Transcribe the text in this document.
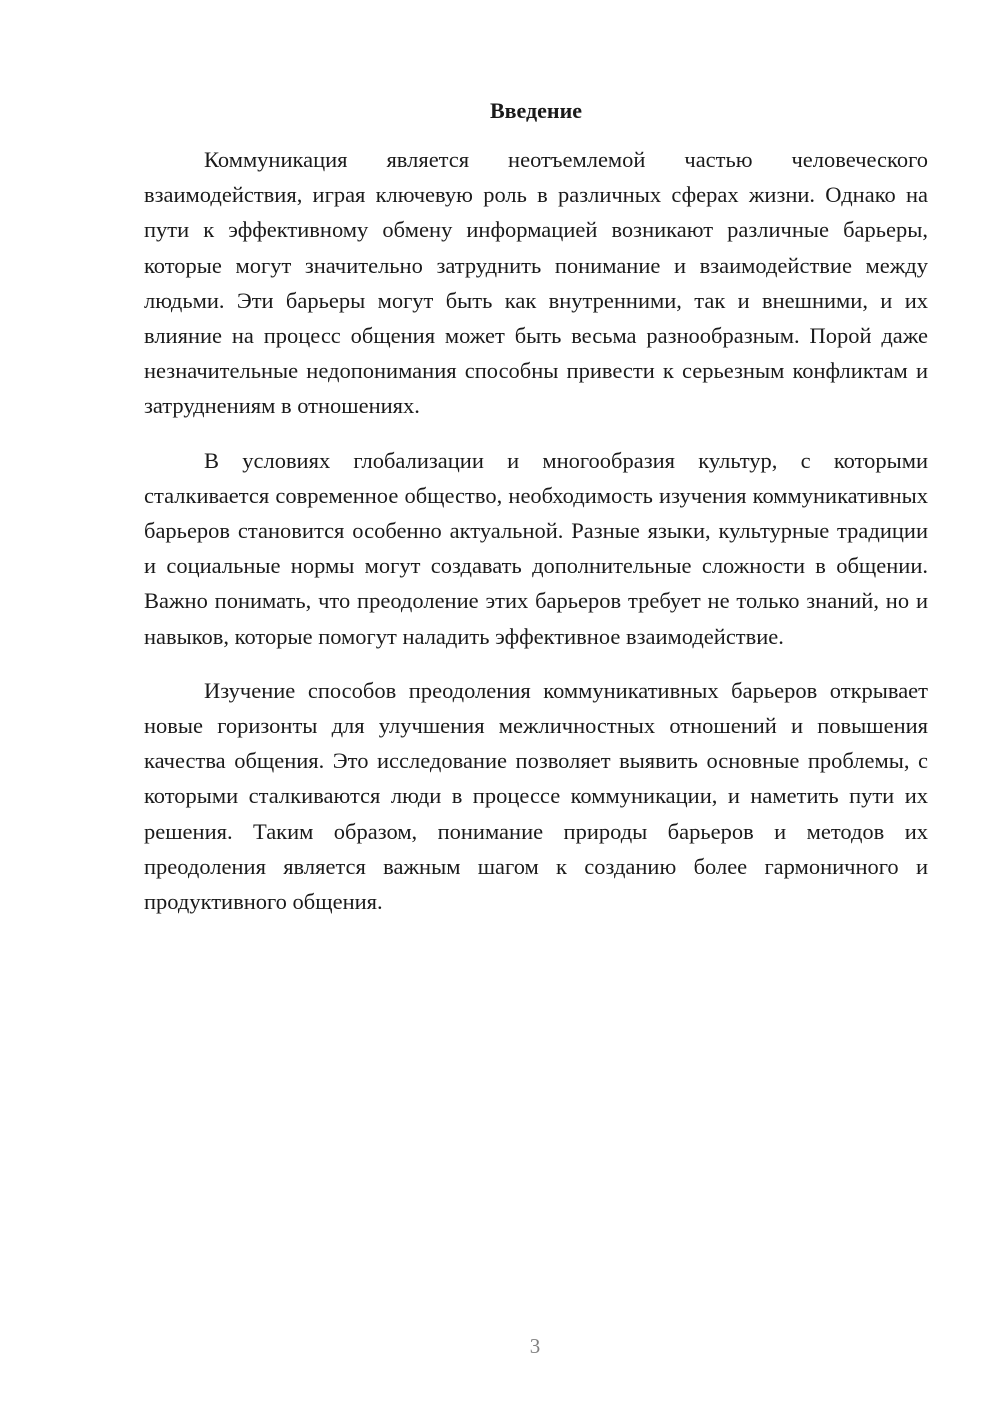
Введение

Коммуникация является неотъемлемой частью человеческого взаимодействия, играя ключевую роль в различных сферах жизни. Однако на пути к эффективному обмену информацией возникают различные барьеры, которые могут значительно затруднить понимание и взаимодействие между людьми. Эти барьеры могут быть как внутренними, так и внешними, и их влияние на процесс общения может быть весьма разнообразным. Порой даже незначительные недопонимания способны привести к серьезным конфликтам и затруднениям в отношениях.

В условиях глобализации и многообразия культур, с которыми сталкивается современное общество, необходимость изучения коммуникативных барьеров становится особенно актуальной. Разные языки, культурные традиции и социальные нормы могут создавать дополнительные сложности в общении. Важно понимать, что преодоление этих барьеров требует не только знаний, но и навыков, которые помогут наладить эффективное взаимодействие.

Изучение способов преодоления коммуникативных барьеров открывает новые горизонты для улучшения межличностных отношений и повышения качества общения. Это исследование позволяет выявить основные проблемы, с которыми сталкиваются люди в процессе коммуникации, и наметить пути их решения. Таким образом, понимание природы барьеров и методов их преодоления является важным шагом к созданию более гармоничного и продуктивного общения.

3
